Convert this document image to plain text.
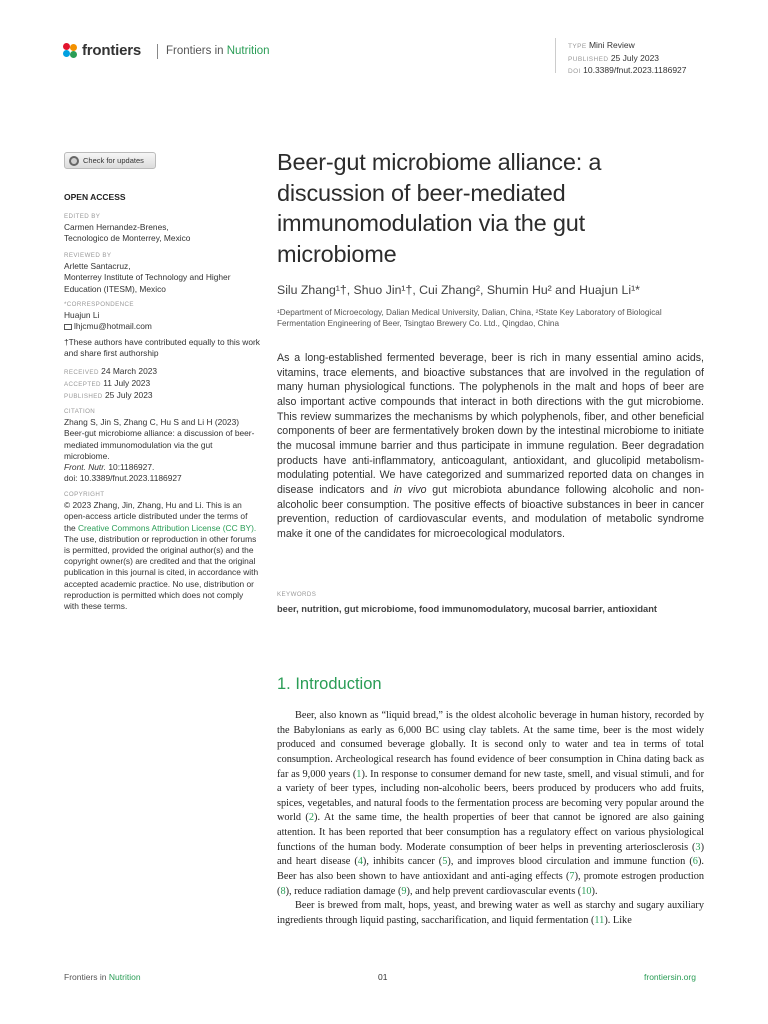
frontiers Frontiers in Nutrition	TYPE Mini Review
PUBLISHED 25 July 2023
DOI 10.3389/fnut.2023.1186927
Check for updates
OPEN ACCESS
EDITED BY
Carmen Hernandez-Brenes,
Tecnologico de Monterrey, Mexico
REVIEWED BY
Arlette Santacruz,
Monterrey Institute of Technology and Higher Education (ITESM), Mexico
*CORRESPONDENCE
Huajun Li
lhjcmu@hotmail.com
†These authors have contributed equally to this work and share first authorship
RECEIVED 24 March 2023
ACCEPTED 11 July 2023
PUBLISHED 25 July 2023
CITATION
Zhang S, Jin S, Zhang C, Hu S and Li H (2023) Beer-gut microbiome alliance: a discussion of beer-mediated immunomodulation via the gut microbiome.
Front. Nutr. 10:1186927.
doi: 10.3389/fnut.2023.1186927
COPYRIGHT
© 2023 Zhang, Jin, Zhang, Hu and Li. This is an open-access article distributed under the terms of the Creative Commons Attribution License (CC BY). The use, distribution or reproduction in other forums is permitted, provided the original author(s) and the copyright owner(s) are credited and that the original publication in this journal is cited, in accordance with accepted academic practice. No use, distribution or reproduction is permitted which does not comply with these terms.
Beer-gut microbiome alliance: a discussion of beer-mediated immunomodulation via the gut microbiome
Silu Zhang¹†, Shuo Jin¹†, Cui Zhang², Shumin Hu² and Huajun Li¹*
¹Department of Microecology, Dalian Medical University, Dalian, China, ²State Key Laboratory of Biological Fermentation Engineering of Beer, Tsingtao Brewery Co. Ltd., Qingdao, China
As a long-established fermented beverage, beer is rich in many essential amino acids, vitamins, trace elements, and bioactive substances that are involved in the regulation of many human physiological functions. The polyphenols in the malt and hops of beer are also important active compounds that interact in both directions with the gut microbiome. This review summarizes the mechanisms by which polyphenols, fiber, and other beneficial components of beer are fermentatively broken down by the intestinal microbiome to initiate the mucosal immune barrier and thus participate in immune regulation. Beer degradation products have anti-inflammatory, anticoagulant, antioxidant, and glucolipid metabolism-modulating potential. We have categorized and summarized reported data on changes in disease indicators and in vivo gut microbiota abundance following alcoholic and non-alcoholic beer consumption. The positive effects of bioactive substances in beer in cancer prevention, reduction of cardiovascular events, and modulation of metabolic syndrome make it one of the candidates for microecological modulators.
KEYWORDS
beer, nutrition, gut microbiome, food immunomodulatory, mucosal barrier, antioxidant
1. Introduction

Beer, also known as “liquid bread,” is the oldest alcoholic beverage in human history, recorded by the Babylonians as early as 6,000 BC using clay tablets. At the same time, beer is the most widely produced and consumed beverage globally. It is second only to water and tea in terms of total consumption. Archeological research has found evidence of beer consumption in China dating back as far as 9,000 years (1). In response to consumer demand for new taste, smell, and visual stimuli, and for a variety of beer types, including non-alcoholic beers, beers produced by producers who add fruits, spices, vegetables, and natural foods to the fermentation process are becoming very popular around the world (2). At the same time, the health properties of beer that cannot be ignored are also gaining attention. It has been reported that beer consumption has a regulatory effect on various physiological functions of the human body. Moderate consumption of beer helps in preventing arteriosclerosis (3) and heart disease (4), inhibits cancer (5), and improves blood circulation and immune function (6). Beer has also been shown to have antioxidant and anti-aging effects (7), promote estrogen production (8), reduce radiation damage (9), and help prevent cardiovascular events (10).

Beer is brewed from malt, hops, yeast, and brewing water as well as starchy and sugary auxiliary ingredients through liquid pasting, saccharification, and liquid fermentation (11). Like

Frontiers in Nutrition	01	frontiersin.org
